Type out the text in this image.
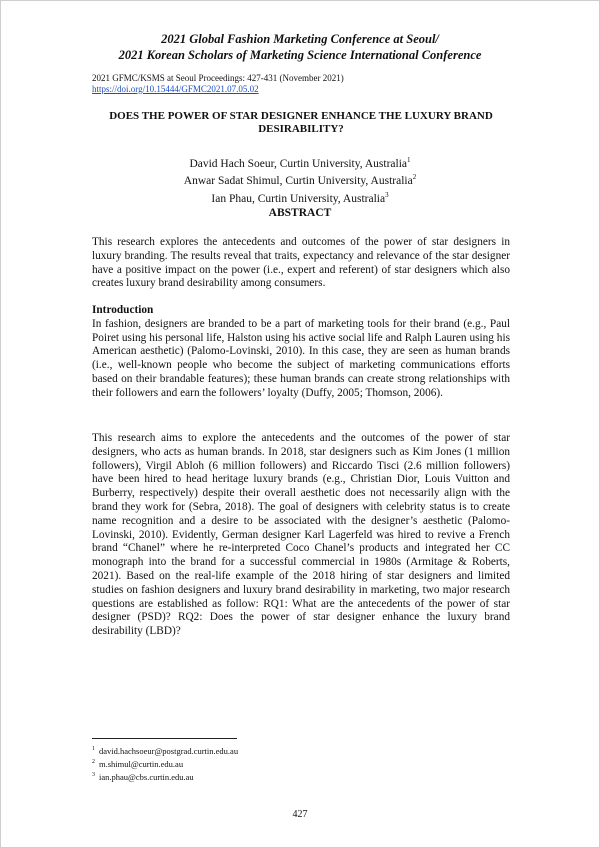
2021 Global Fashion Marketing Conference at Seoul/
2021 Korean Scholars of Marketing Science International Conference
2021 GFMC/KSMS at Seoul Proceedings: 427-431 (November 2021)
https://doi.org/10.15444/GFMC2021.07.05.02
DOES THE POWER OF STAR DESIGNER ENHANCE THE LUXURY BRAND DESIRABILITY?
David Hach Soeur, Curtin University, Australia$^1$
Anwar Sadat Shimul, Curtin University, Australia$^2$
Ian Phau, Curtin University, Australia$^3$
ABSTRACT
This research explores the antecedents and outcomes of the power of star designers in luxury branding. The results reveal that traits, expectancy and relevance of the star designer have a positive impact on the power (i.e., expert and referent) of star designers which also creates luxury brand desirability among consumers.
Introduction
In fashion, designers are branded to be a part of marketing tools for their brand (e.g., Paul Poiret using his personal life, Halston using his active social life and Ralph Lauren using his American aesthetic) (Palomo-Lovinski, 2010). In this case, they are seen as human brands (i.e., well-known people who become the subject of marketing communications efforts based on their brandable features); these human brands can create strong relationships with their followers and earn the followers’ loyalty (Duffy, 2005; Thomson, 2006).
This research aims to explore the antecedents and the outcomes of the power of star designers, who acts as human brands. In 2018, star designers such as Kim Jones (1 million followers), Virgil Abloh (6 million followers) and Riccardo Tisci (2.6 million followers) have been hired to head heritage luxury brands (e.g., Christian Dior, Louis Vuitton and Burberry, respectively) despite their overall aesthetic does not necessarily align with the brand they work for (Sebra, 2018). The goal of designers with celebrity status is to create name recognition and a desire to be associated with the designer’s aesthetic (Palomo-Lovinski, 2010). Evidently, German designer Karl Lagerfeld was hired to revive a French brand “Chanel” where he re-interpreted Coco Chanel’s products and integrated her CC monograph into the brand for a successful commercial in 1980s (Armitage & Roberts, 2021). Based on the real-life example of the 2018 hiring of star designers and limited studies on fashion designers and luxury brand desirability in marketing, two major research questions are established as follow: RQ1: What are the antecedents of the power of star designer (PSD)? RQ2: Does the power of star designer enhance the luxury brand desirability (LBD)?
$^1$ david.hachsoeur@postgrad.curtin.edu.au
$^2$ m.shimul@curtin.edu.au
$^3$ ian.phau@cbs.curtin.edu.au
427
